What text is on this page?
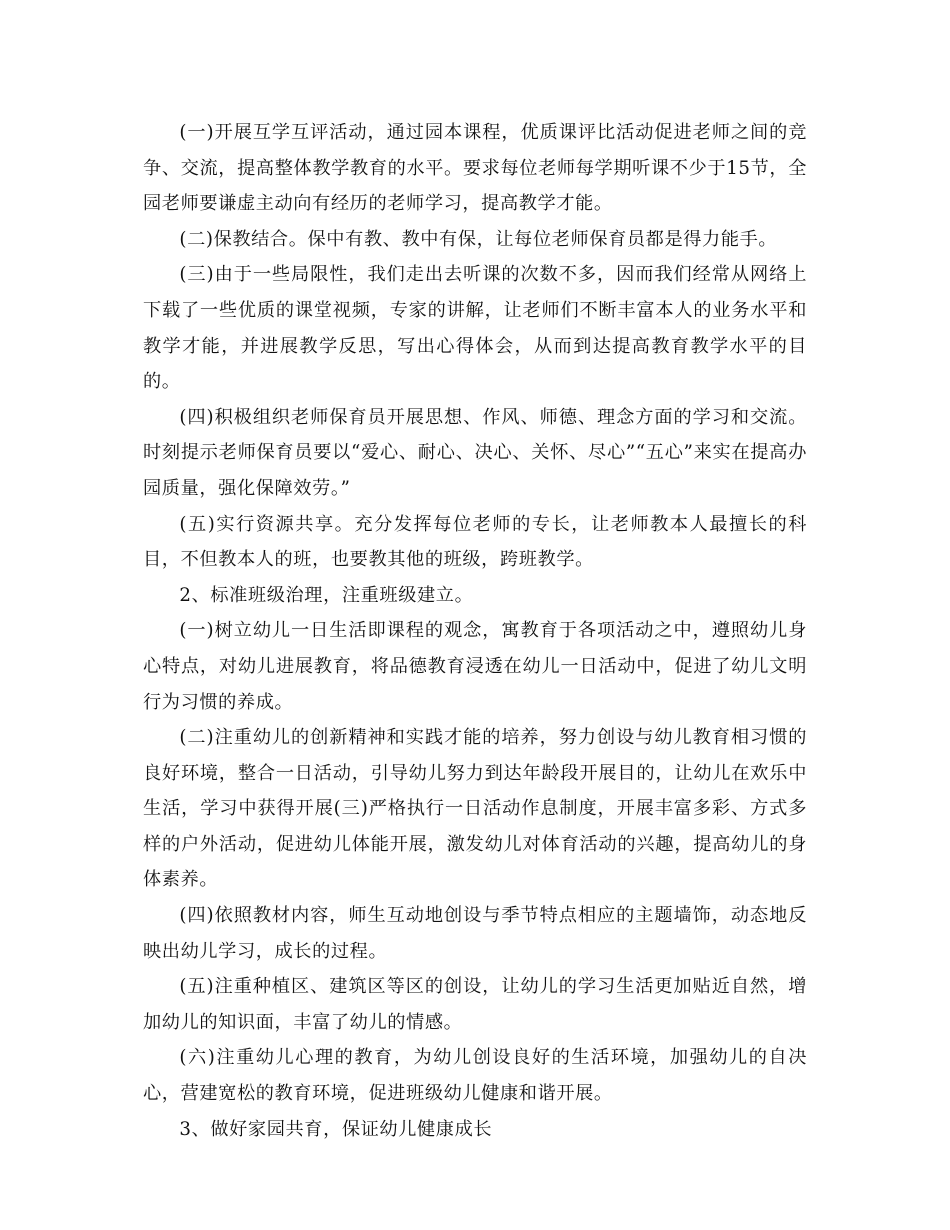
(一)开展互学互评活动，通过园本课程，优质课评比活动促进老师之间的竞争、交流，提高整体教学教育的水平。要求每位老师每学期听课不少于15节，全园老师要谦虚主动向有经历的老师学习，提高教学才能。

(二)保教结合。保中有教、教中有保，让每位老师保育员都是得力能手。

(三)由于一些局限性，我们走出去听课的次数不多，因而我们经常从网络上下载了一些优质的课堂视频，专家的讲解，让老师们不断丰富本人的业务水平和教学才能，并进展教学反思，写出心得体会，从而到达提高教育教学水平的目的。

(四)积极组织老师保育员开展思想、作风、师德、理念方面的学习和交流。时刻提示老师保育员要以“爱心、耐心、决心、关怀、尽心”“五心”来实在提高办园质量，强化保障效劳。”

(五)实行资源共享。充分发挥每位老师的专长，让老师教本人最擅长的科目，不但教本人的班，也要教其他的班级，跨班教学。

2、标准班级治理，注重班级建立。

(一)树立幼儿一日生活即课程的观念，寓教育于各项活动之中，遵照幼儿身心特点，对幼儿进展教育，将品德教育浸透在幼儿一日活动中，促进了幼儿文明行为习惯的养成。

(二)注重幼儿的创新精神和实践才能的培养，努力创设与幼儿教育相习惯的良好环境，整合一日活动，引导幼儿努力到达年龄段开展目的，让幼儿在欢乐中生活，学习中获得开展(三)严格执行一日活动作息制度，开展丰富多彩、方式多样的户外活动，促进幼儿体能开展，激发幼儿对体育活动的兴趣，提高幼儿的身体素养。

(四)依照教材内容，师生互动地创设与季节特点相应的主题墙饰，动态地反映出幼儿学习，成长的过程。

(五)注重种植区、建筑区等区的创设，让幼儿的学习生活更加贴近自然，增加幼儿的知识面，丰富了幼儿的情感。

(六)注重幼儿心理的教育，为幼儿创设良好的生活环境，加强幼儿的自决心，营建宽松的教育环境，促进班级幼儿健康和谐开展。

3、做好家园共育，保证幼儿健康成长
